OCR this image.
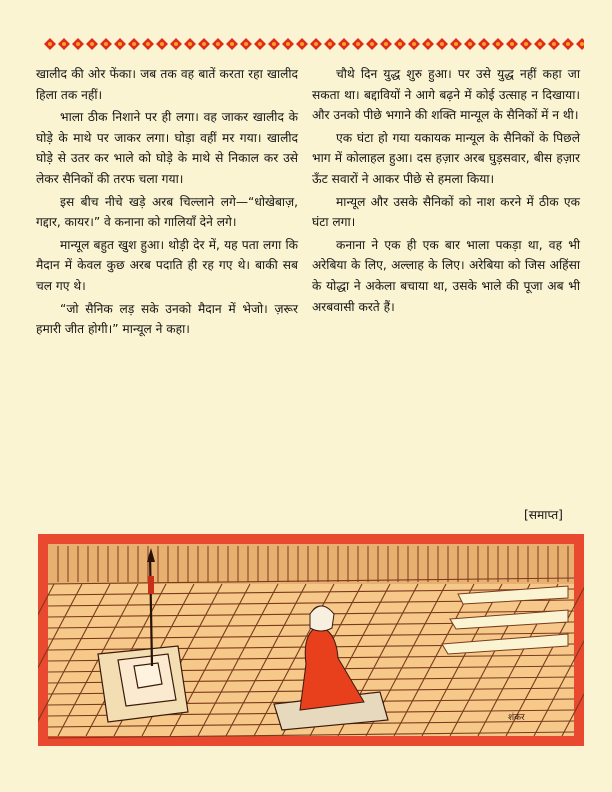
खालीद की ओर फेंका। जब तक वह बातें करता रहा खालीद हिला तक नहीं।

भाला ठीक निशाने पर ही लगा। वह जाकर खालीद के घोड़े के माथे पर जाकर लगा। घोड़ा वहीं मर गया। खालीद घोड़े से उतर कर भाले को घोड़े के माथे से निकाल कर उसे लेकर सैनिकों की तरफ चला गया।

इस बीच नीचे खड़े अरब चिल्लाने लगे—“धोखेबाज़, गद्दार, कायर।” वे कनाना को गालियाँ देने लगे।

मान्यूल बहुत खुश हुआ। थोड़ी देर में, यह पता लगा कि मैदान में केवल कुछ अरब पदाति ही रह गए थे। बाकी सब चल गए थे।

“जो सैनिक लड़ सके उनको मैदान में भेजो। ज़रूर हमारी जीत होगी।” मान्यूल ने कहा।

चौथे दिन युद्ध शुरु हुआ। पर उसे युद्ध नहीं कहा जा सकता था। बद्दावियों ने आगे बढ़ने में कोई उत्साह न दिखाया। और उनको पीछे भगाने की शक्ति मान्यूल के सैनिकों में न थी।

एक घंटा हो गया यकायक मान्यूल के सैनिकों के पिछले भाग में कोलाहल हुआ। दस हज़ार अरब घुड़सवार, बीस हज़ार ऊँट सवारों ने आकर पीछे से हमला किया।

मान्यूल और उसके सैनिकों को नाश करने में ठीक एक घंटा लगा।

कनाना ने एक ही एक बार भाला पकड़ा था, वह भी अरेबिया के लिए, अल्लाह के लिए। अरेबिया को जिस अहिंसा के योद्धा ने अकेला बचाया था, उसके भाले की पूजा अब भी अरबवासी करते हैं।

[समाप्त]
शंकर
